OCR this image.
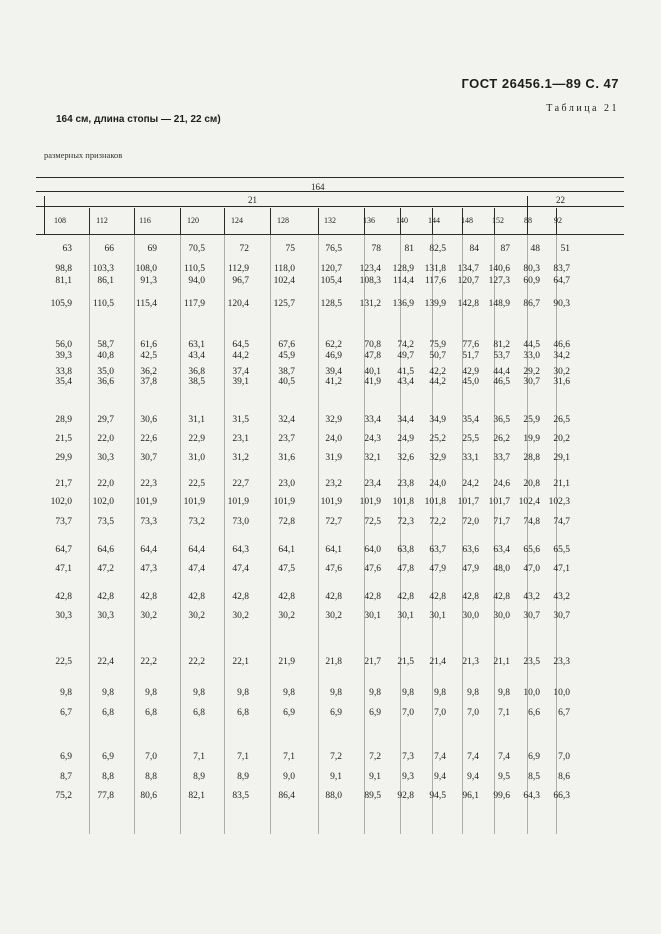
ГОСТ 26456.1—89 С. 47
Таблица 21
164 см, длина стопы — 21, 22 см)
размерных признаков
164
21	22
108	112	116	120	124	128	132	136	140	144	148	152	88	92
63	66	69	70,5	72	75	76,5	78	81	82,5	84	87	48	51
98,8	103,3	108,0	110,5	112,9	118,0	120,7	123,4	128,9	131,8	134,7	140,6	80,3	83,7
81,1	86,1	91,3	94,0	96,7	102,4	105,4	108,3	114,4	117,6	120,7	127,3	60,9	64,7
105,9	110,5	115,4	117,9	120,4	125,7	128,5	131,2	136,9	139,9	142,8	148,9	86,7	90,3
56,0	58,7	61,6	63,1	64,5	67,6	62,2	70,8	74,2	75,9	77,6	81,2	44,5	46,6
39,3	40,8	42,5	43,4	44,2	45,9	46,9	47,8	49,7	50,7	51,7	53,7	33,0	34,2
33,8	35,0	36,2	36,8	37,4	38,7	39,4	40,1	41,5	42,2	42,9	44,4	29,2	30,2
35,4	36,6	37,8	38,5	39,1	40,5	41,2	41,9	43,4	44,2	45,0	46,5	30,7	31,6
28,9	29,7	30,6	31,1	31,5	32,4	32,9	33,4	34,4	34,9	35,4	36,5	25,9	26,5
21,5	22,0	22,6	22,9	23,1	23,7	24,0	24,3	24,9	25,2	25,5	26,2	19,9	20,2
29,9	30,3	30,7	31,0	31,2	31,6	31,9	32,1	32,6	32,9	33,1	33,7	28,8	29,1
21,7	22,0	22,3	22,5	22,7	23,0	23,2	23,4	23,8	24,0	24,2	24,6	20,8	21,1
102,0	102,0	101,9	101,9	101,9	101,9	101,9	101,9	101,8	101,8	101,7	101,7 102,4 102,3
73,7	73,5	73,3	73,2	73,0	72,8	72,7	72,5	72,3	72,2	72,0	71,7	74,8	74,7
64,7	64,6	64,4	64,4	64,3	64,1	64,1	64,0	63,8	63,7	63,6	63,4	65,6	65,5
47,1	47,2	47,3	47,4	47,4	47,5	47,6	47,6	47,8	47,9	47,9	48,0	47,0	47,1
42,8	42,8	42,8	42,8	42,8	42,8	42,8	42,8	42,8	42,8	42,8	42,8	43,2	43,2
30,3	30,3	30,2	30,2	30,2	30,2	30,2	30,1	30,1	30,1	30,0	30,0	30,7	30,7
22,5	22,4	22,2	22,2	22,1	21,9	21,8	21,7	21,5	21,4	21,3	21,1	23,5	23,3
9,8	9,8	9,8	9,8	9,8	9,8	9,8	9,8	9,8	9,8	9,8	9,8	10,0	10,0
6,7	6,8	6,8	6,8	6,8	6,9	6,9	6,9	7,0	7,0	7,0	7,1	6,6	6,7
6,9	6,9	7,0	7,1	7,1	7,1	7,2	7,2	7,3	7,4	7,4	7,4	6,9	7,0
8,7	8,8	8,8	8,9	8,9	9,0	9,1	9,1	9,3	9,4	9,4	9,5	8,5	8,6
75,2	77,8	80,6	82,1	83,5	86,4	88,0	89,5	92,8	94,5	96,1	99,6	64,3	66,3
